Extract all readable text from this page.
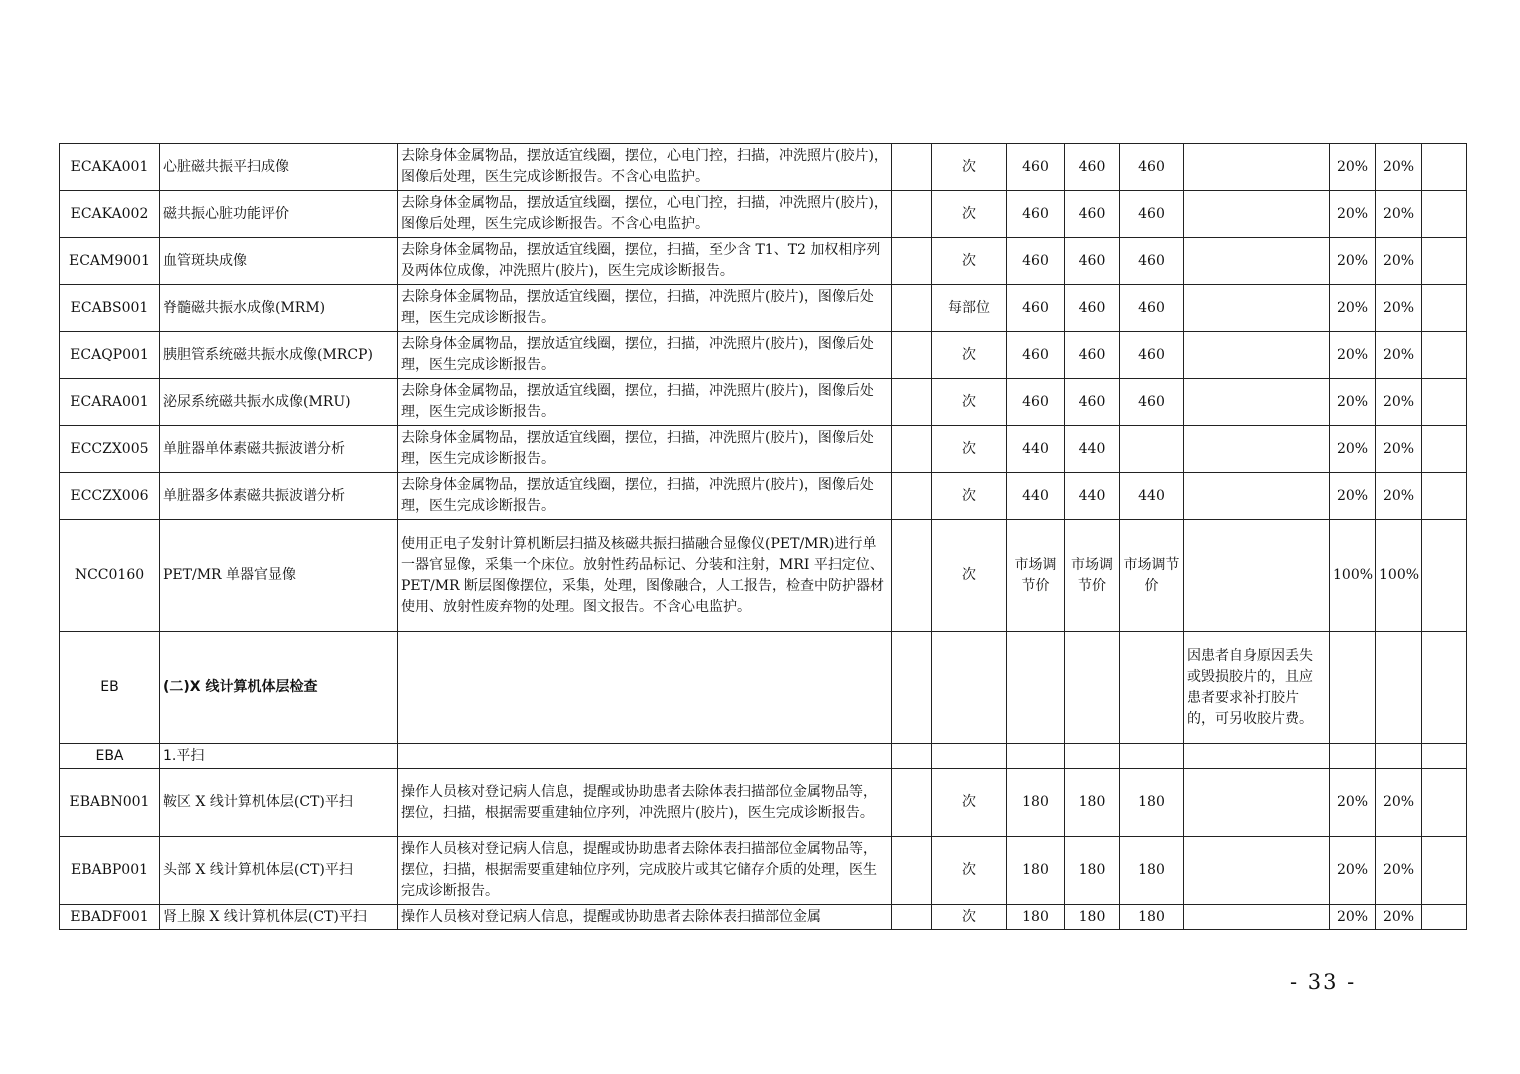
ECAKA001	心脏磁共振平扫成像	去除身体金属物品，摆放适宜线圈，摆位，心电门控，扫描，冲洗照片(胶片)，图像后处理，医生完成诊断报告。不含心电监护。		次	460	460	460		20%	20%	
ECAKA002	磁共振心脏功能评价	去除身体金属物品，摆放适宜线圈，摆位，心电门控，扫描，冲洗照片(胶片)，图像后处理，医生完成诊断报告。不含心电监护。		次	460	460	460		20%	20%	
ECAM9001	血管斑块成像	去除身体金属物品，摆放适宜线圈，摆位，扫描，至少含 T1、T2 加权相序列及两体位成像，冲洗照片(胶片)，医生完成诊断报告。		次	460	460	460		20%	20%	
ECABS001	脊髓磁共振水成像(MRM)	去除身体金属物品，摆放适宜线圈，摆位，扫描，冲洗照片(胶片)，图像后处理，医生完成诊断报告。		每部位	460	460	460		20%	20%	
ECAQP001	胰胆管系统磁共振水成像(MRCP)	去除身体金属物品，摆放适宜线圈，摆位，扫描，冲洗照片(胶片)，图像后处理，医生完成诊断报告。		次	460	460	460		20%	20%	
ECARA001	泌尿系统磁共振水成像(MRU)	去除身体金属物品，摆放适宜线圈，摆位，扫描，冲洗照片(胶片)，图像后处理，医生完成诊断报告。		次	460	460	460		20%	20%	
ECCZX005	单脏器单体素磁共振波谱分析	去除身体金属物品，摆放适宜线圈，摆位，扫描，冲洗照片(胶片)，图像后处理，医生完成诊断报告。		次	440	440			20%	20%	
ECCZX006	单脏器多体素磁共振波谱分析	去除身体金属物品，摆放适宜线圈，摆位，扫描，冲洗照片(胶片)，图像后处理，医生完成诊断报告。		次	440	440	440		20%	20%	
NCC0160	PET/MR 单器官显像	使用正电子发射计算机断层扫描及核磁共振扫描融合显像仪(PET/MR)进行单一器官显像，采集一个床位。放射性药品标记、分装和注射，MRI 平扫定位、PET/MR 断层图像摆位，采集，处理，图像融合，人工报告，检查中防护器材使用、放射性废弃物的处理。图文报告。不含心电监护。		次	市场调节价	市场调节价	市场调节价		100%	100%	
EB	(二)X 线计算机体层检查							因患者自身原因丢失或毁损胶片的，且应患者要求补打胶片的，可另收胶片费。			
EBA	1.平扫										
EBABN001	鞍区 X 线计算机体层(CT)平扫	操作人员核对登记病人信息，提醒或协助患者去除体表扫描部位金属物品等，摆位，扫描，根据需要重建轴位序列，冲洗照片(胶片)，医生完成诊断报告。		次	180	180	180		20%	20%	
EBABP001	头部 X 线计算机体层(CT)平扫	操作人员核对登记病人信息，提醒或协助患者去除体表扫描部位金属物品等，摆位，扫描，根据需要重建轴位序列，完成胶片或其它储存介质的处理，医生完成诊断报告。		次	180	180	180		20%	20%	
EBADF001	肾上腺 X 线计算机体层(CT)平扫	操作人员核对登记病人信息，提醒或协助患者去除体表扫描部位金属		次	180	180	180		20%	20%	
- 33 -
